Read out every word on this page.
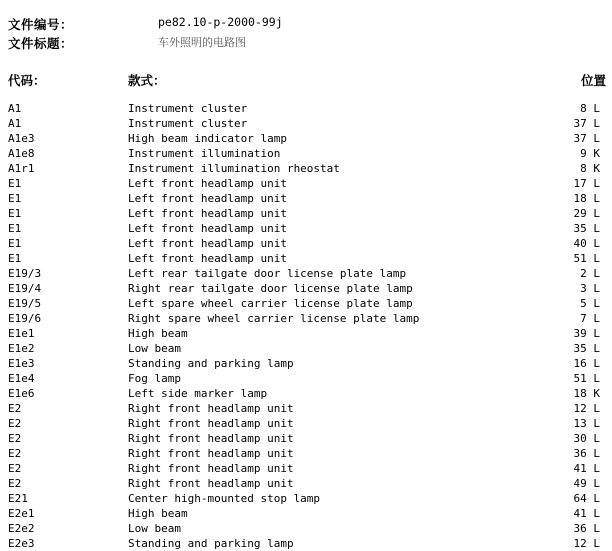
文件编号：	pe82.10-p-2000-99j
文件标题：	车外照明的电路图
代码：	款式：	位置
A1	Instrument cluster	8 L
A1	Instrument cluster	37 L
A1e3	High beam indicator lamp	37 L
A1e8	Instrument illumination	9 K
A1r1	Instrument illumination rheostat	8 K
E1	Left front headlamp unit	17 L
E1	Left front headlamp unit	18 L
E1	Left front headlamp unit	29 L
E1	Left front headlamp unit	35 L
E1	Left front headlamp unit	40 L
E1	Left front headlamp unit	51 L
E19/3	Left rear tailgate door license plate lamp	2 L
E19/4	Right rear tailgate door license plate lamp	3 L
E19/5	Left spare wheel carrier license plate lamp	5 L
E19/6	Right spare wheel carrier license plate lamp	7 L
E1e1	High beam	39 L
E1e2	Low beam	35 L
E1e3	Standing and parking lamp	16 L
E1e4	Fog lamp	51 L
E1e6	Left side marker lamp	18 K
E2	Right front headlamp unit	12 L
E2	Right front headlamp unit	13 L
E2	Right front headlamp unit	30 L
E2	Right front headlamp unit	36 L
E2	Right front headlamp unit	41 L
E2	Right front headlamp unit	49 L
E21	Center high-mounted stop lamp	64 L
E2e1	High beam	41 L
E2e2	Low beam	36 L
E2e3	Standing and parking lamp	12 L
